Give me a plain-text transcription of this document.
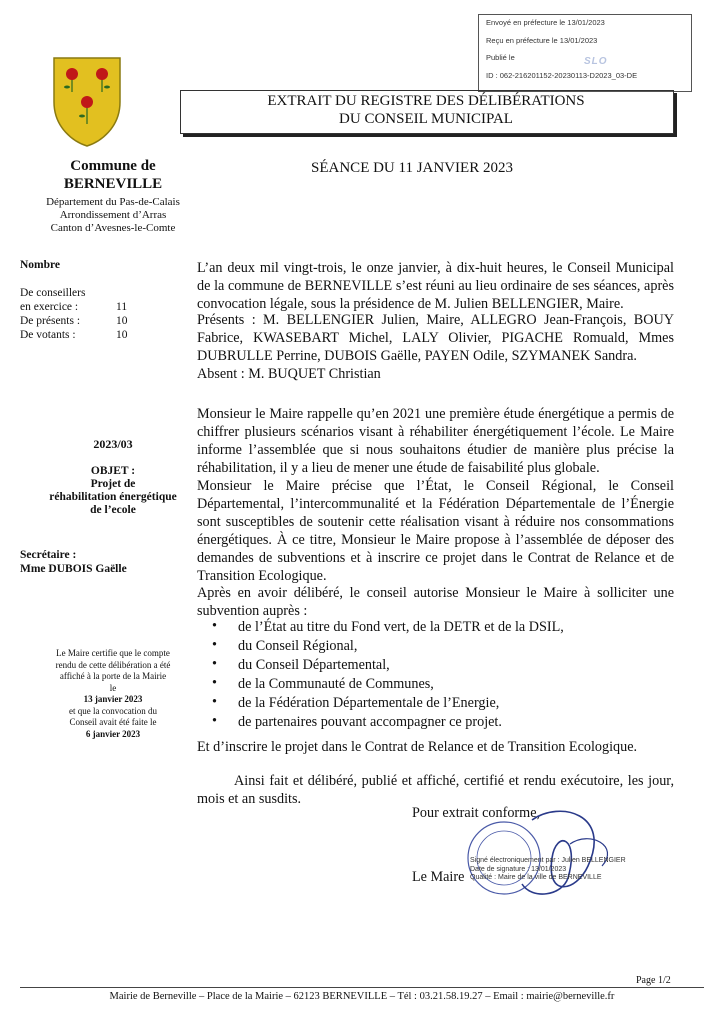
Envoyé en préfecture le 13/01/2023
Reçu en préfecture le 13/01/2023
Publié le	SLO
ID : 062-216201152-20230113-D2023_03-DE
Commune de
BERNEVILLE
Département du Pas-de-Calais
Arrondissement d’Arras
Canton d’Avesnes-le-Comte
EXTRAIT DU REGISTRE DES DÉLIBÉRATIONS
DU CONSEIL MUNICIPAL
SÉANCE DU 11 JANVIER 2023
Nombre
De conseillers
en exercice :	11
De présents :	10
De votants :	10
2023/03
OBJET :
Projet de
réhabilitation énergétique
de l’ecole
Secrétaire :
Mme DUBOIS Gaëlle
Le Maire certifie que le compte
rendu de cette délibération a été
affiché à la porte de la Mairie
le
13 janvier 2023
et que la convocation du
Conseil avait été faite le
6 janvier 2023
L’an deux mil vingt-trois, le onze janvier, à dix-huit heures, le Conseil Municipal de la commune de BERNEVILLE s’est réuni au lieu ordinaire de ses séances, après convocation légale, sous la présidence de M. Julien BELLENGIER, Maire.
Présents : M. BELLENGIER Julien, Maire, ALLEGRO Jean-François, BOUY Fabrice, KWASEBART Michel, LALY Olivier, PIGACHE Romuald, Mmes DUBRULLE Perrine, DUBOIS Gaëlle, PAYEN Odile, SZYMANEK Sandra.
Absent : M. BUQUET Christian
Monsieur le Maire rappelle qu’en 2021 une première étude énergétique a permis de chiffrer plusieurs scénarios visant à réhabiliter énergétiquement l’école. Le Maire informe l’assemblée que si nous souhaitons étudier de manière plus précise la réhabilitation, il y a lieu de mener une étude de faisabilité plus globale.
Monsieur le Maire précise que l’État, le Conseil Régional, le Conseil Départemental, l’intercommunalité et la Fédération Départementale de l’Énergie sont susceptibles de soutenir cette réalisation visant à réduire nos consommations énergétiques. À ce titre, Monsieur le Maire propose à l’assemblée de déposer des demandes de subventions et à inscrire ce projet dans le Contrat de Relance et de Transition Ecologique.
Après en avoir délibéré, le conseil autorise Monsieur le Maire à solliciter une subvention auprès :
• de l’État au titre du Fond vert, de la DETR et de la DSIL,
• du Conseil Régional,
• du Conseil Départemental,
• de la Communauté de Communes,
• de la Fédération Départementale de l’Energie,
• de partenaires pouvant accompagner ce projet.
Et d’inscrire le projet dans le Contrat de Relance et de Transition Ecologique.
Ainsi fait et délibéré, publié et affiché, certifié et rendu exécutoire, les jour, mois et an susdits.
Pour extrait conforme,
Le Maire
Signé électroniquement par : Julien BELLENGIER
Date de signature : 13/01/2023
Qualité : Maire de la ville de BERNEVILLE
Page 1/2
Mairie de Berneville – Place de la Mairie – 62123 BERNEVILLE – Tél : 03.21.58.19.27 – Email : mairie@berneville.fr
